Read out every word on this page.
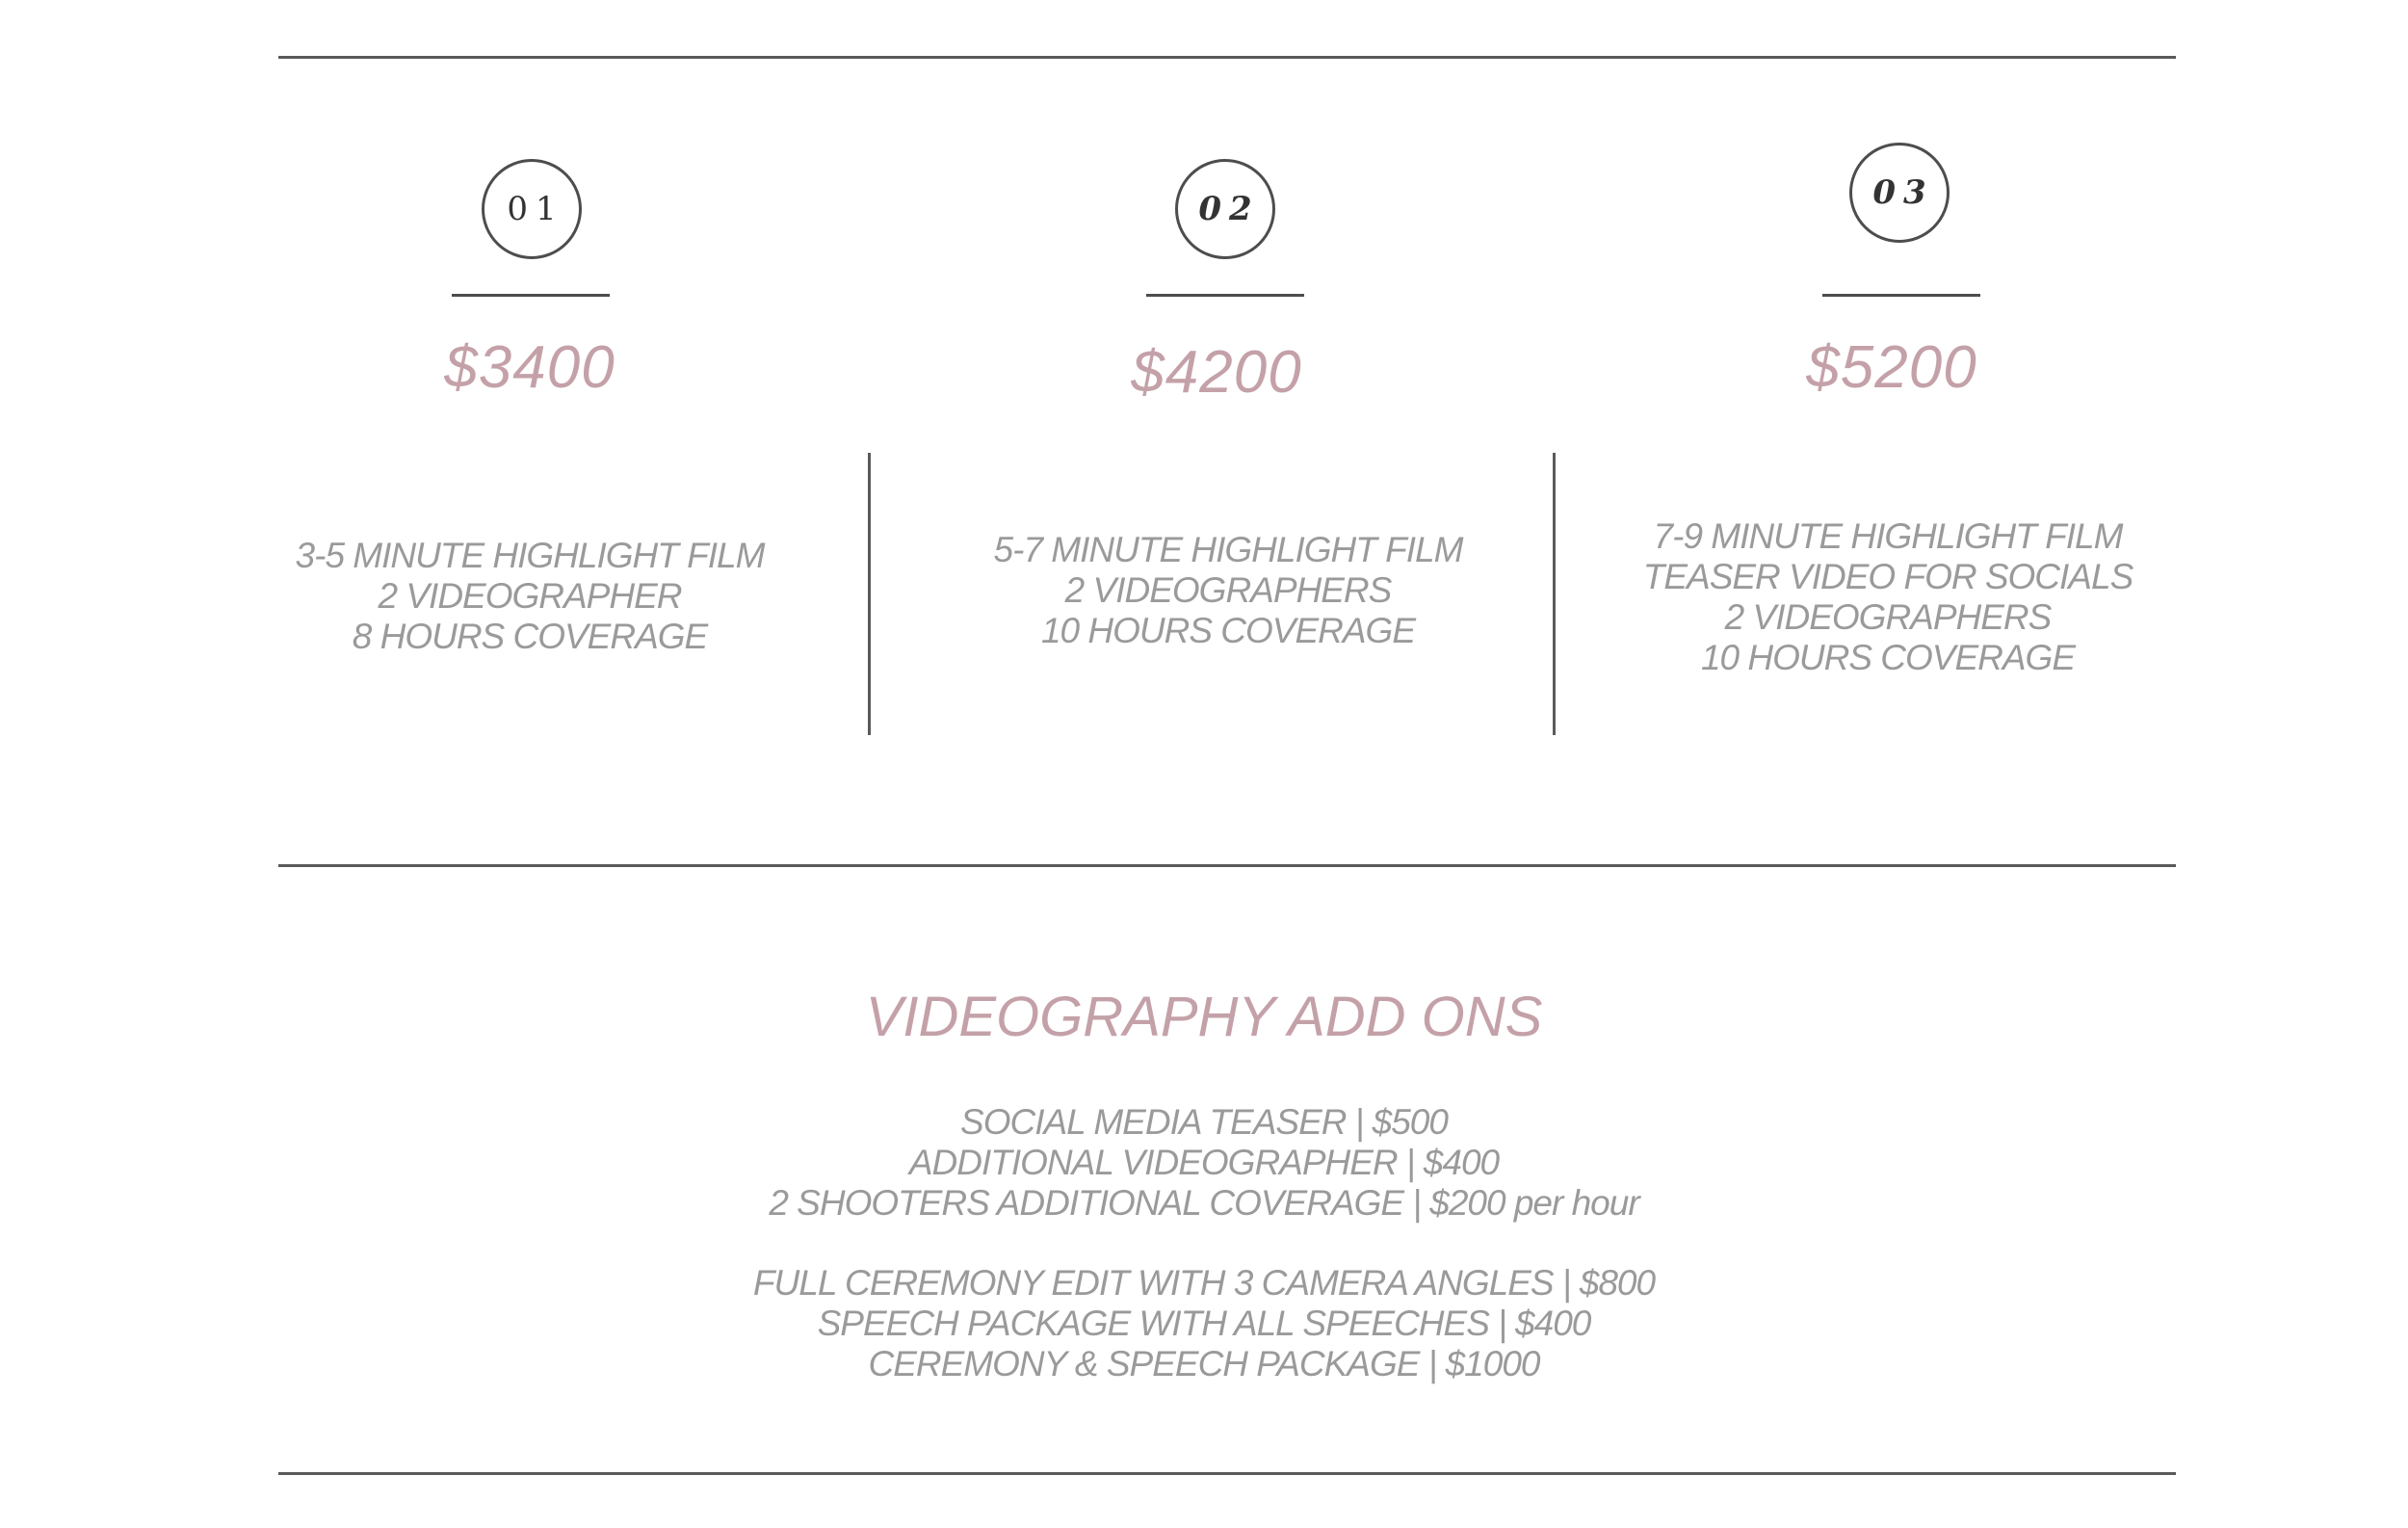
01
$3400
3-5 MINUTE HIGHLIGHT FILM
2 VIDEOGRAPHER
8 HOURS COVERAGE
02
$4200
5-7 MINUTE HIGHLIGHT FILM
2 VIDEOGRAPHERS
10 HOURS COVERAGE
03
$5200
7-9 MINUTE HIGHLIGHT FILM
TEASER VIDEO FOR SOCIALS
2 VIDEOGRAPHERS
10 HOURS COVERAGE
VIDEOGRAPHY ADD ONS
SOCIAL MEDIA TEASER | $500
ADDITIONAL VIDEOGRAPHER | $400
2 SHOOTERS ADDITIONAL COVERAGE | $200 per hour
FULL CEREMONY EDIT WITH 3 CAMERA ANGLES | $800
SPEECH PACKAGE WITH ALL SPEECHES | $400
CEREMONY & SPEECH PACKAGE | $1000
